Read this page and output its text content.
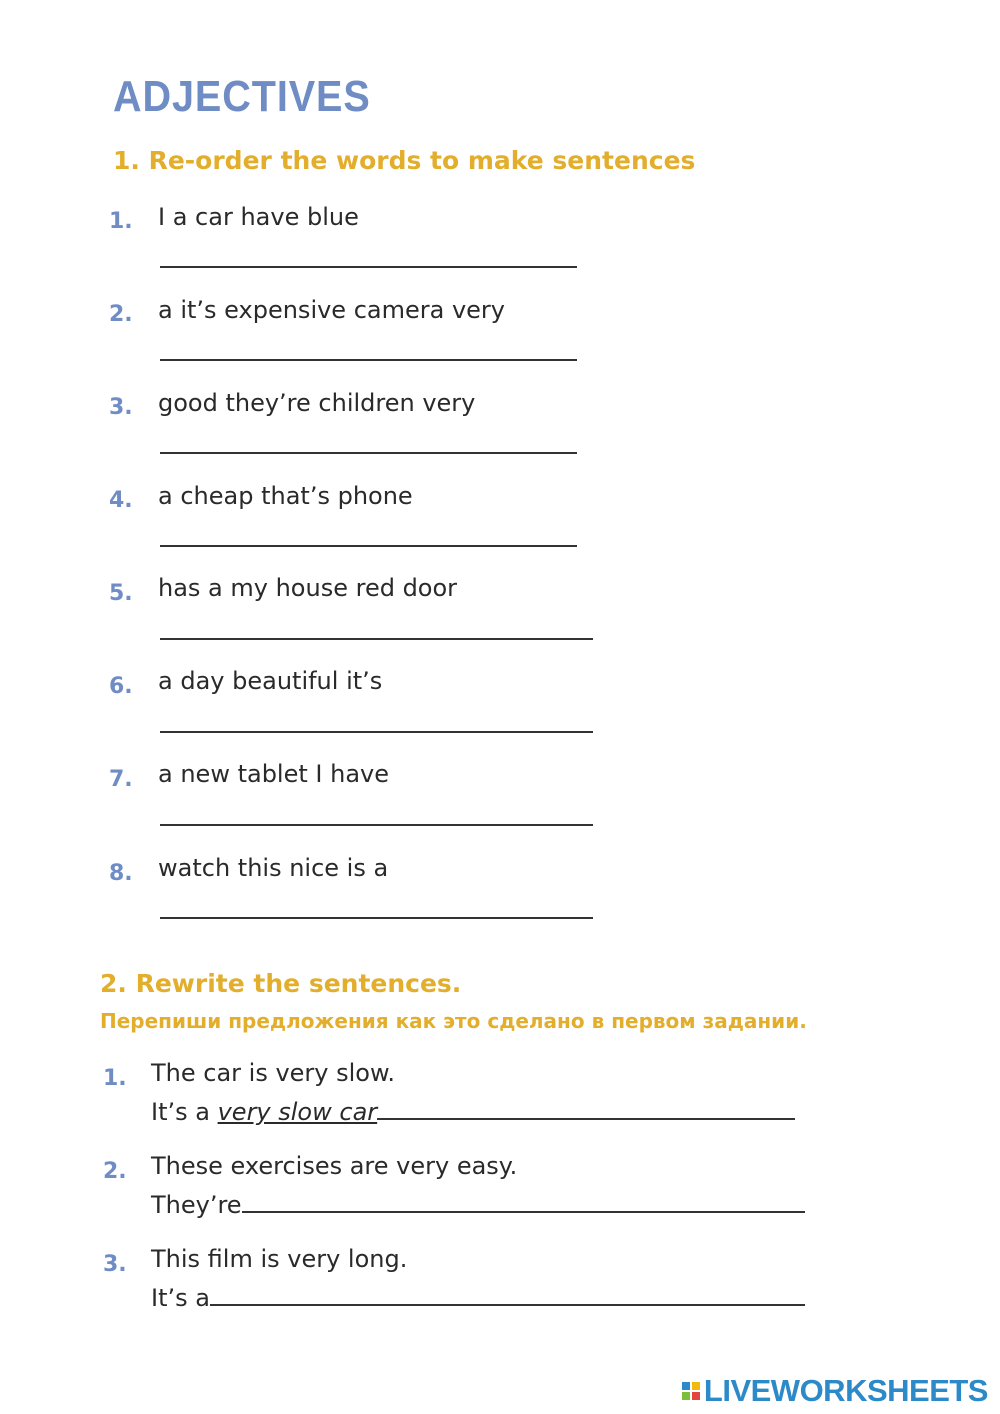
ADJECTIVES
1. Re-order the words to make sentences
1. I a car have blue
2. a it’s expensive camera very
3. good they’re children very
4. a cheap that’s phone
5. has a my house red door
6. a day beautiful it’s
7. a new tablet I have
8. watch this nice is a
2. Rewrite the sentences.
Перепиши предложения как это сделано в первом задании.
1. The car is very slow.
It’s a very slow car
2. These exercises are very easy.
They’re
3. This film is very long.
It’s a
LIVEWORKSHEETS
